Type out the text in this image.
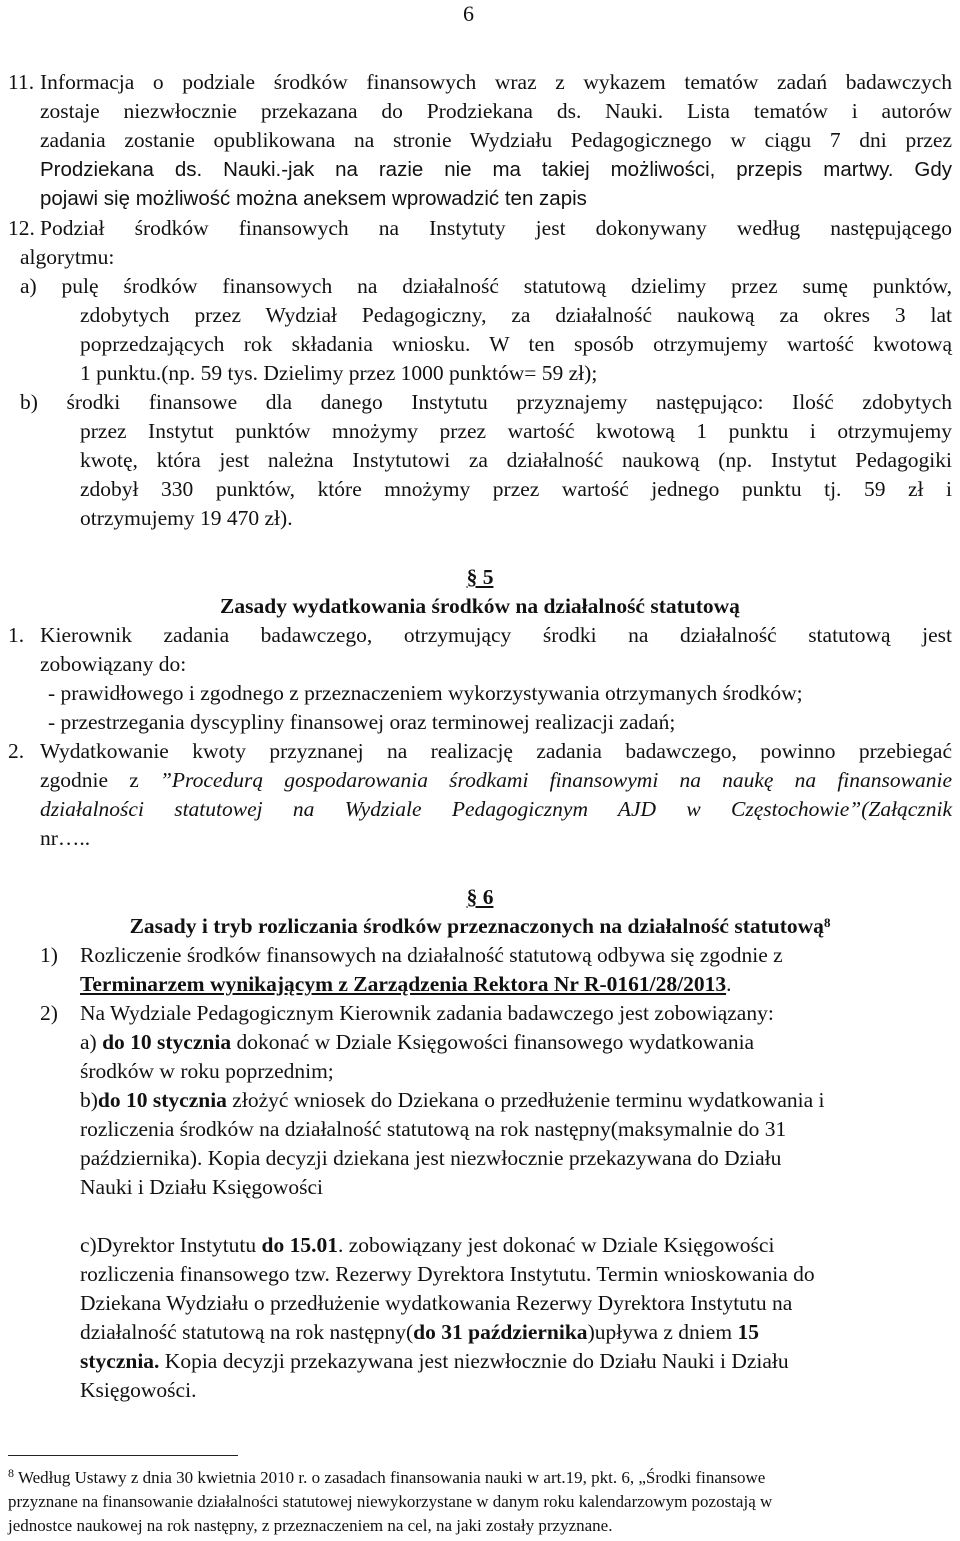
6
11. Informacja o podziale środków finansowych wraz z wykazem tematów zadań badawczych
zostaje niezwłocznie przekazana do Prodziekana ds. Nauki. Lista tematów i autorów
zadania zostanie opublikowana na stronie Wydziału Pedagogicznego w ciągu 7 dni przez
Prodziekana ds. Nauki.-jak na razie nie ma takiej możliwości, przepis martwy. Gdy
pojawi się możliwość można aneksem wprowadzić ten zapis
12. Podział środków finansowych na Instytuty jest dokonywany według następującego
algorytmu:
a) pulę środków finansowych na działalność statutową dzielimy przez sumę punktów,
zdobytych przez Wydział Pedagogiczny, za działalność naukową za okres 3 lat
poprzedzających rok składania wniosku. W ten sposób otrzymujemy wartość kwotową
1 punktu.(np. 59 tys. Dzielimy przez 1000 punktów= 59 zł);
b) środki finansowe dla danego Instytutu przyznajemy następująco: Ilość zdobytych
przez Instytut punktów mnożymy przez wartość kwotową 1 punktu i otrzymujemy
kwotę, która jest należna Instytutowi za działalność naukową (np. Instytut Pedagogiki
zdobył 330 punktów, które mnożymy przez wartość jednego punktu tj. 59 zł i
otrzymujemy 19 470 zł).
§ 5
Zasady wydatkowania środków na działalność statutową
1. Kierownik zadania badawczego, otrzymujący środki na działalność statutową jest
zobowiązany do:
- prawidłowego i zgodnego z przeznaczeniem wykorzystywania otrzymanych środków;
- przestrzegania dyscypliny finansowej oraz terminowej realizacji zadań;
2. Wydatkowanie kwoty przyznanej na realizację zadania badawczego, powinno przebiegać
zgodnie z ”Procedurą gospodarowania środkami finansowymi na naukę na finansowanie
działalności statutowej na Wydziale Pedagogicznym AJD w Częstochowie”(Załącznik
nr…..
§ 6
Zasady i tryb rozliczania środków przeznaczonych na działalność statutową$^8$
1) Rozliczenie środków finansowych na działalność statutową odbywa się zgodnie z
Terminarzem wynikającym z Zarządzenia Rektora Nr R-0161/28/2013.
2) Na Wydziale Pedagogicznym Kierownik zadania badawczego jest zobowiązany:
a) do 10 stycznia dokonać w Dziale Księgowości finansowego wydatkowania
środków w roku poprzednim;
b)do 10 stycznia złożyć wniosek do Dziekana o przedłużenie terminu wydatkowania i
rozliczenia środków na działalność statutową na rok następny(maksymalnie do 31
października). Kopia decyzji dziekana jest niezwłocznie przekazywana do Działu
Nauki i Działu Księgowości
c)Dyrektor Instytutu do 15.01. zobowiązany jest dokonać w Dziale Księgowości
rozliczenia finansowego tzw. Rezerwy Dyrektora Instytutu. Termin wnioskowania do
Dziekana Wydziału o przedłużenie wydatkowania Rezerwy Dyrektora Instytutu na
działalność statutową na rok następny(do 31 października)upływa z dniem 15
stycznia. Kopia decyzji przekazywana jest niezwłocznie do Działu Nauki i Działu
Księgowości.
$^8$ Według Ustawy z dnia 30 kwietnia 2010 r. o zasadach finansowania nauki w art.19, pkt. 6, „Środki finansowe
przyznane na finansowanie działalności statutowej niewykorzystane w danym roku kalendarzowym pozostają w
jednostce naukowej na rok następny, z przeznaczeniem na cel, na jaki zostały przyznane.
